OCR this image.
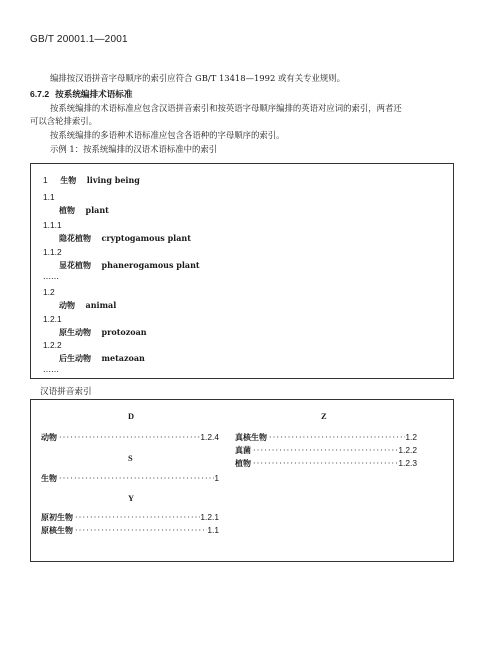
GB/T 20001.1—2001
编排按汉语拼音字母顺序的索引应符合 GB/T 13418—1992 或有关专业规则。
6.7.2 按系统编排术语标准
按系统编排的术语标准应包含汉语拼音索引和按英语字母顺序编排的英语对应词的索引，两者还
可以含轮排索引。
按系统编排的多语种术语标准应包含各语种的字母顺序的索引。
示例 1：按系统编排的汉语术语标准中的索引
1 生物 living being
1.1
植物 plant
1.1.1
隐花植物 cryptogamous plant
1.1.2
显花植物 phanerogamous plant
……
1.2
动物 animal
1.2.1
原生动物 protozoan
1.2.2
后生动物 metazoan
……
汉语拼音索引
D
动物 ·····	1.2.4
S
生物 ·····	1
Y
原初生物 ·····	1.2.1
原核生物 ·····	1.1
Z
真核生物 ·····	1.2
真菌 ·····	1.2.2
植物 ·····	1.2.3
